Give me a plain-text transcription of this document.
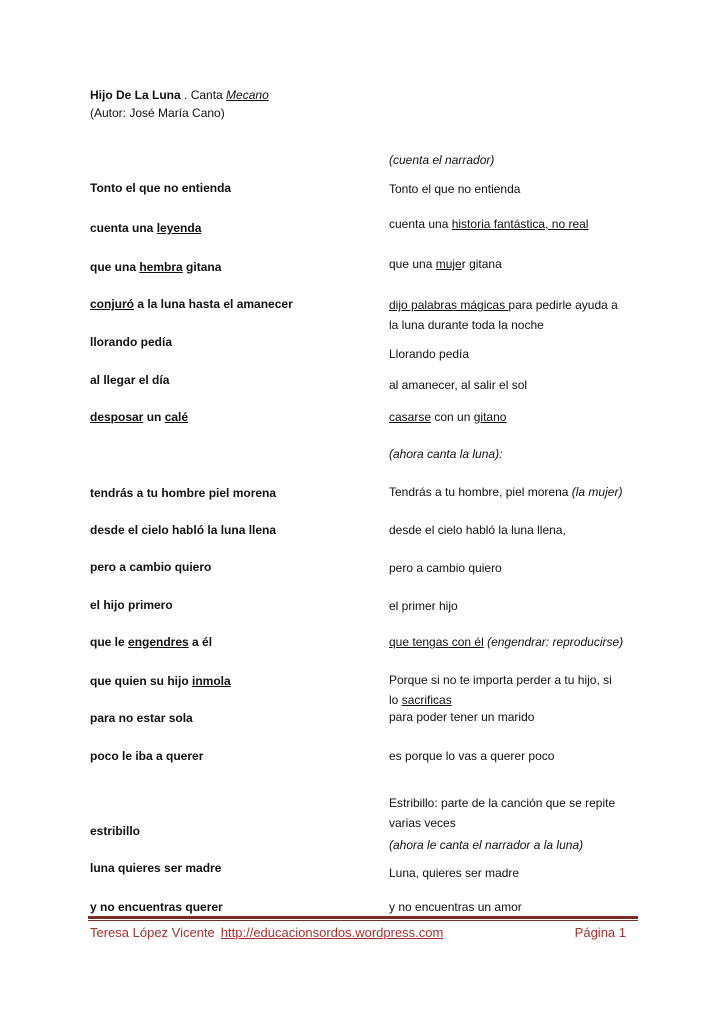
Hijo De La Luna . Canta Mecano
(Autor: José María Cano)
(cuenta el narrador)
Tonto el que no entienda
cuenta una leyenda
que una hembra gitana
conjuró a la luna hasta el amanecer
llorando pedía
al llegar el día
desposar un calé
tendrás a tu hombre piel morena
desde el cielo habló la luna llena
pero a cambio quiero
el hijo primero
que le engendres a él
que quien su hijo inmola
para no estar sola
poco le iba a querer
estribillo
luna quieres ser madre
y no encuentras querer
Tonto el que no entienda
cuenta una historia fantástica, no real
que una mujer gitana
dijo palabras mágicas para pedirle ayuda a
la luna durante toda la noche
Llorando pedía
al amanecer, al salir el sol
casarse con un gitano
(ahora canta la luna):
Tendrás a tu hombre, piel morena (la mujer)
desde el cielo habló la luna llena,
pero a cambio quiero
el primer hijo
que tengas con él (engendrar: reproducirse)
Porque si no te importa perder a tu hijo, si
lo sacrificas
para poder tener un marido
es porque lo vas a querer poco
Estribillo: parte de la canción que se repite
varias veces
(ahora le canta el narrador a la luna)
Luna, quieres ser madre
y no encuentras un amor
Teresa López Vicente http://educacionsordos.wordpress.com	Página 1
